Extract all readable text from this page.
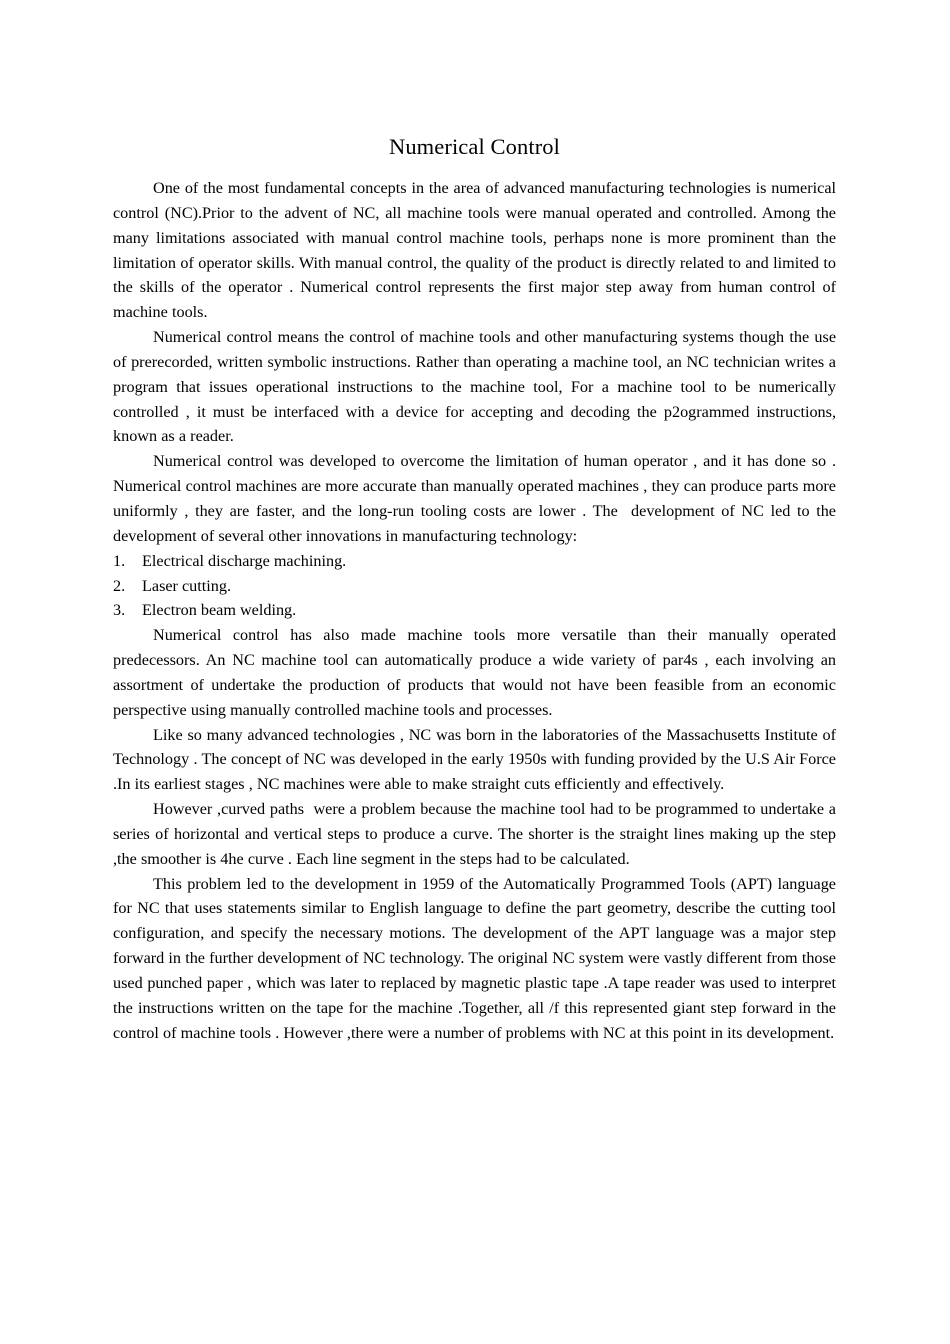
Numerical Control

One of the most fundamental concepts in the area of advanced manufacturing technologies is numerical control (NC).Prior to the advent of NC, all machine tools were manual operated and controlled. Among the many limitations associated with manual control machine tools, perhaps none is more prominent than the limitation of operator skills. With manual control, the quality of the product is directly related to and limited to the skills of the operator . Numerical control represents the first major step away from human control of machine tools.

Numerical control means the control of machine tools and other manufacturing systems though the use of prerecorded, written symbolic instructions. Rather than operating a machine tool, an NC technician writes a program that issues operational instructions to the machine tool, For a machine tool to be numerically controlled , it must be interfaced with a device for accepting and decoding the p2ogrammed instructions, known as a reader.

Numerical control was developed to overcome the limitation of human operator , and it has done so . Numerical control machines are more accurate than manually operated machines , they can produce parts more uniformly , they are faster, and the long-run tooling costs are lower . The  development of NC led to the development of several other innovations in manufacturing technology:

1.	Electrical discharge machining.
2.	Laser cutting.
3.	Electron beam welding.

Numerical control has also made machine tools more versatile than their manually operated predecessors. An NC machine tool can automatically produce a wide variety of par4s , each involving an assortment of undertake the production of products that would not have been feasible from an economic perspective using manually controlled machine tools and processes.

Like so many advanced technologies , NC was born in the laboratories of the Massachusetts Institute of Technology . The concept of NC was developed in the early 1950s with funding provided by the U.S Air Force .In its earliest stages , NC machines were able to make straight cuts efficiently and effectively.

However ,curved paths  were a problem because the machine tool had to be programmed to undertake a series of horizontal and vertical steps to produce a curve. The shorter is the straight lines making up the step ,the smoother is 4he curve . Each line segment in the steps had to be calculated.

This problem led to the development in 1959 of the Automatically Programmed Tools (APT) language for NC that uses statements similar to English language to define the part geometry, describe the cutting tool configuration, and specify the necessary motions. The development of the APT language was a major step forward in the further development of NC technology. The original NC system were vastly different from those used punched paper , which was later to replaced by magnetic plastic tape .A tape reader was used to interpret the instructions written on the tape for the machine .Together, all /f this represented giant step forward in the control of machine tools . However ,there were a number of problems with NC at this point in its development.
